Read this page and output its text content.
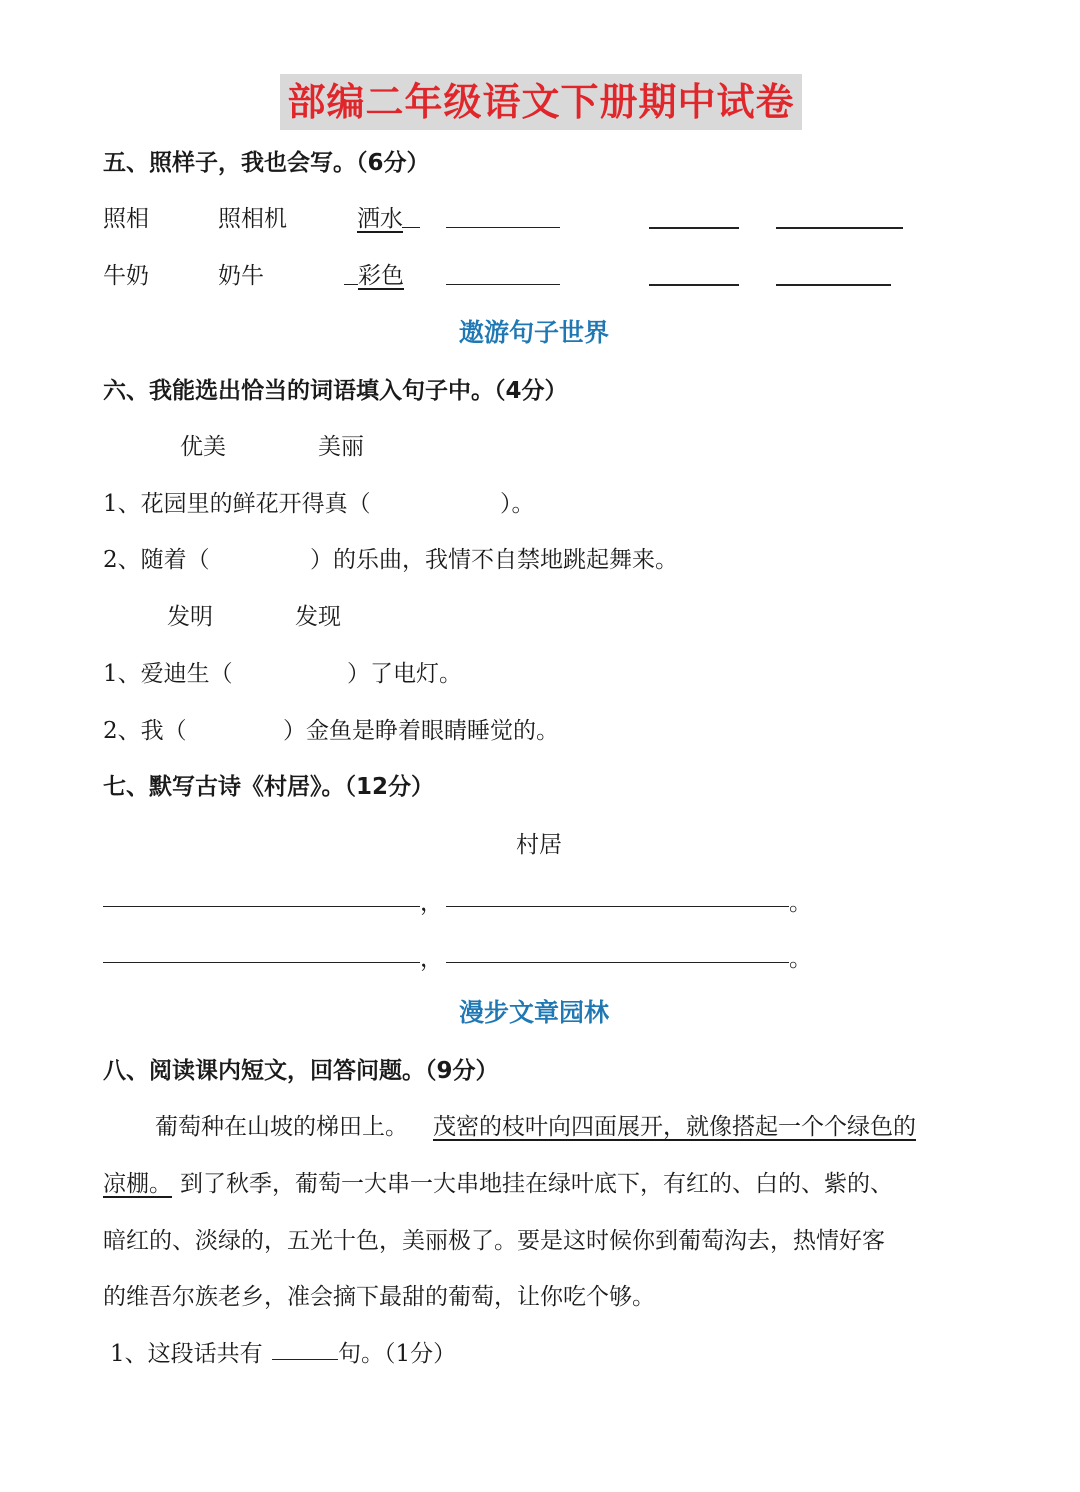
部编二年级语文下册期中试卷
五、照样子，我也会写。（6分）
照相	照相机	洒水
牛奶	奶牛	彩色
遨游句子世界
六、我能选出恰当的词语填入句子中。（4分）
优美	美丽
1、花园里的鲜花开得真（	）。
2、随着（	）的乐曲，我情不自禁地跳起舞来。
发明	发现
1、爱迪生（	）了电灯。
2、我（	）金鱼是睁着眼睛睡觉的。
七、默写古诗《村居》。（12分）
村居
，	。
，	。
漫步文章园林
八、阅读课内短文，回答问题。（9分）
葡萄种在山坡的梯田上。 茂密的枝叶向四面展开，就像搭起一个个绿色的
凉棚。 到了秋季，葡萄一大串一大串地挂在绿叶底下，有红的、白的、紫的、
暗红的、淡绿的，五光十色，美丽极了。要是这时候你到葡萄沟去，热情好客
的维吾尔族老乡，准会摘下最甜的葡萄，让你吃个够。
1、这段话共有	句。（1分）
